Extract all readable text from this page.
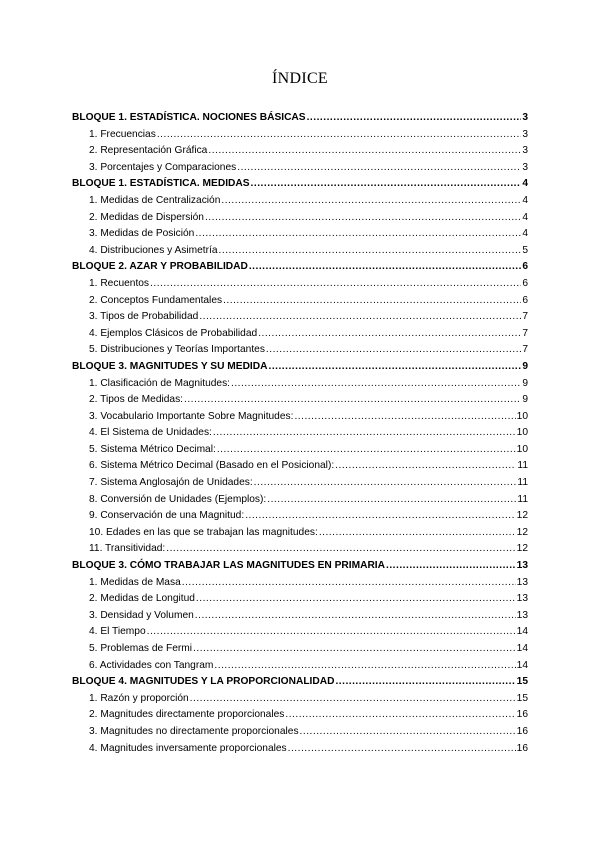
ÍNDICE
BLOQUE 1. ESTADÍSTICA. NOCIONES BÁSICAS .....	3
1. Frecuencias .....	3
2. Representación Gráfica .....	3
3. Porcentajes y Comparaciones .....	3
BLOQUE 1. ESTADÍSTICA. MEDIDAS .....	4
1. Medidas de Centralización .....	4
2. Medidas de Dispersión .....	4
3. Medidas de Posición .....	4
4. Distribuciones y Asimetría .....	5
BLOQUE 2. AZAR Y PROBABILIDAD .....	6
1. Recuentos .....	6
2. Conceptos Fundamentales .....	6
3. Tipos de Probabilidad .....	7
4. Ejemplos Clásicos de Probabilidad .....	7
5. Distribuciones y Teorías Importantes .....	7
BLOQUE 3. MAGNITUDES Y SU MEDIDA .....	9
1. Clasificación de Magnitudes: .....	9
2. Tipos de Medidas: .....	9
3. Vocabulario Importante Sobre Magnitudes: .....	10
4. El Sistema de Unidades: .....	10
5. Sistema Métrico Decimal: .....	10
6. Sistema Métrico Decimal (Basado en el Posicional): .....	11
7. Sistema Anglosajón de Unidades: .....	11
8. Conversión de Unidades (Ejemplos): .....	11
9. Conservación de una Magnitud: .....	12
10. Edades en las que se trabajan las magnitudes: .....	12
11. Transitividad: .....	12
BLOQUE 3. CÓMO TRABAJAR LAS MAGNITUDES EN PRIMARIA .....	13
1. Medidas de Masa .....	13
2. Medidas de Longitud .....	13
3. Densidad y Volumen .....	13
4. El Tiempo .....	14
5. Problemas de Fermi .....	14
6. Actividades con Tangram .....	14
BLOQUE 4. MAGNITUDES Y LA PROPORCIONALIDAD .....	15
1. Razón y proporción .....	15
2. Magnitudes directamente proporcionales .....	16
3. Magnitudes no directamente proporcionales .....	16
4. Magnitudes inversamente proporcionales .....	16
